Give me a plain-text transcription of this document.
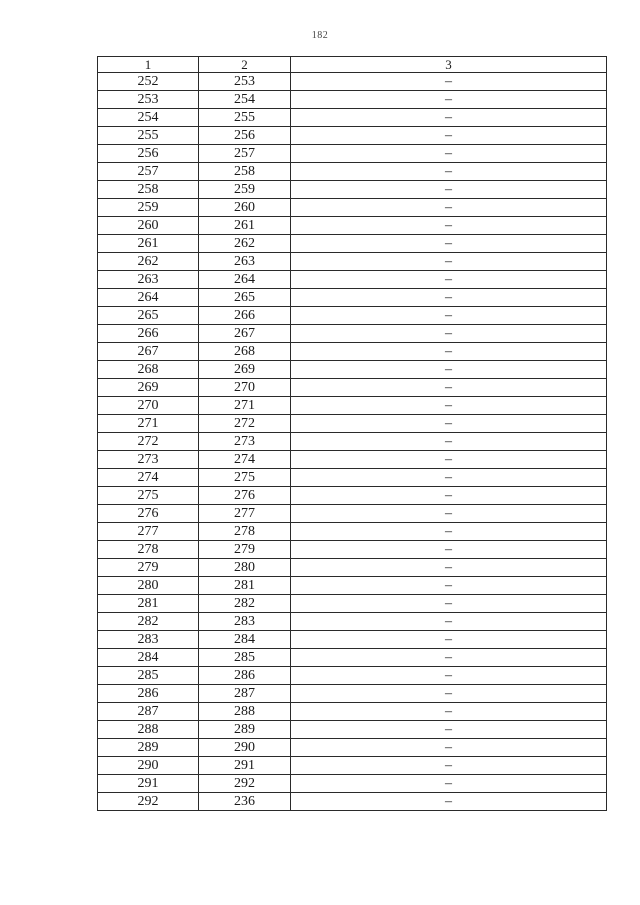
182
1	2	3
252	253	–
253	254	–
254	255	–
255	256	–
256	257	–
257	258	–
258	259	–
259	260	–
260	261	–
261	262	–
262	263	–
263	264	–
264	265	–
265	266	–
266	267	–
267	268	–
268	269	–
269	270	–
270	271	–
271	272	–
272	273	–
273	274	–
274	275	–
275	276	–
276	277	–
277	278	–
278	279	–
279	280	–
280	281	–
281	282	–
282	283	–
283	284	–
284	285	–
285	286	–
286	287	–
287	288	–
288	289	–
289	290	–
290	291	–
291	292	–
292	236	–
